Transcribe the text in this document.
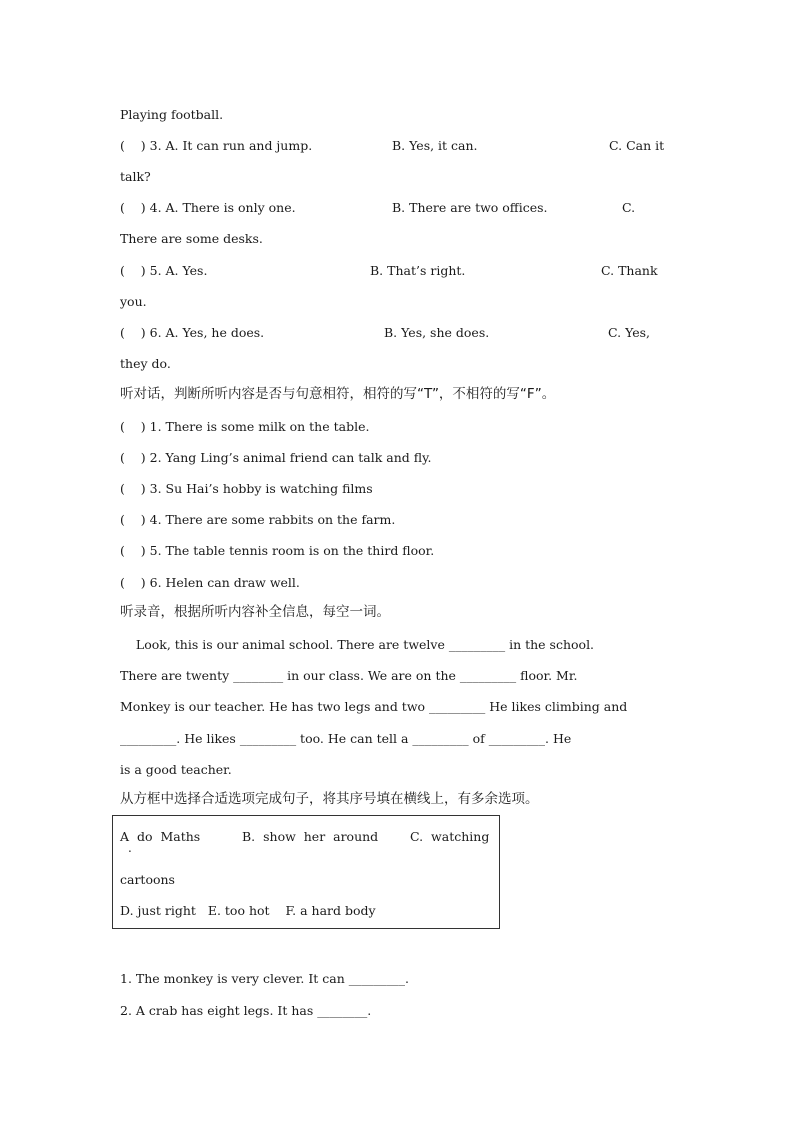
Playing football.

(    ) 3. A. It can run and jump.

	B. Yes, it can.

	C. Can it

talk?

(    ) 4. A. There is only one.

	B. There are two offices.

	C.

There are some desks.

(    ) 5. A. Yes.

	B. That’s right.

	C. Thank

you.

(    ) 6. A. Yes, he does.

	B. Yes, she does.

	C. Yes,

they do.
听对话，判断所听内容是否与句意相符，相符的写“T”，不相符的写“F”。
(    ) 1. There is some milk on the table.
(    ) 2. Yang Ling’s animal friend can talk and fly.
(    ) 3. Su Hai’s hobby is watching films
(    ) 4. There are some rabbits on the farm.
(    ) 5. The table tennis room is on the third floor.
(    ) 6. Helen can draw well.
听录音，根据所听内容补全信息，每空一词。
Look, this is our animal school. There are twelve _________ in the school.
There are twenty ________ in our class. We are on the _________ floor. Mr.
Monkey is our teacher. He has two legs and two _________ He likes climbing and
_________. He likes _________ too. He can tell a _________ of _________. He
is a good teacher.
从方框中选择合适选项完成句子，将其序号填在横线上，有多余选项。

A  do  Maths

	B.  show  her  around

	C.  watching

.
cartoons
D. just right   E. too hot    F. a hard body
1. The monkey is very clever. It can _________.
2. A crab has eight legs. It has ________.
